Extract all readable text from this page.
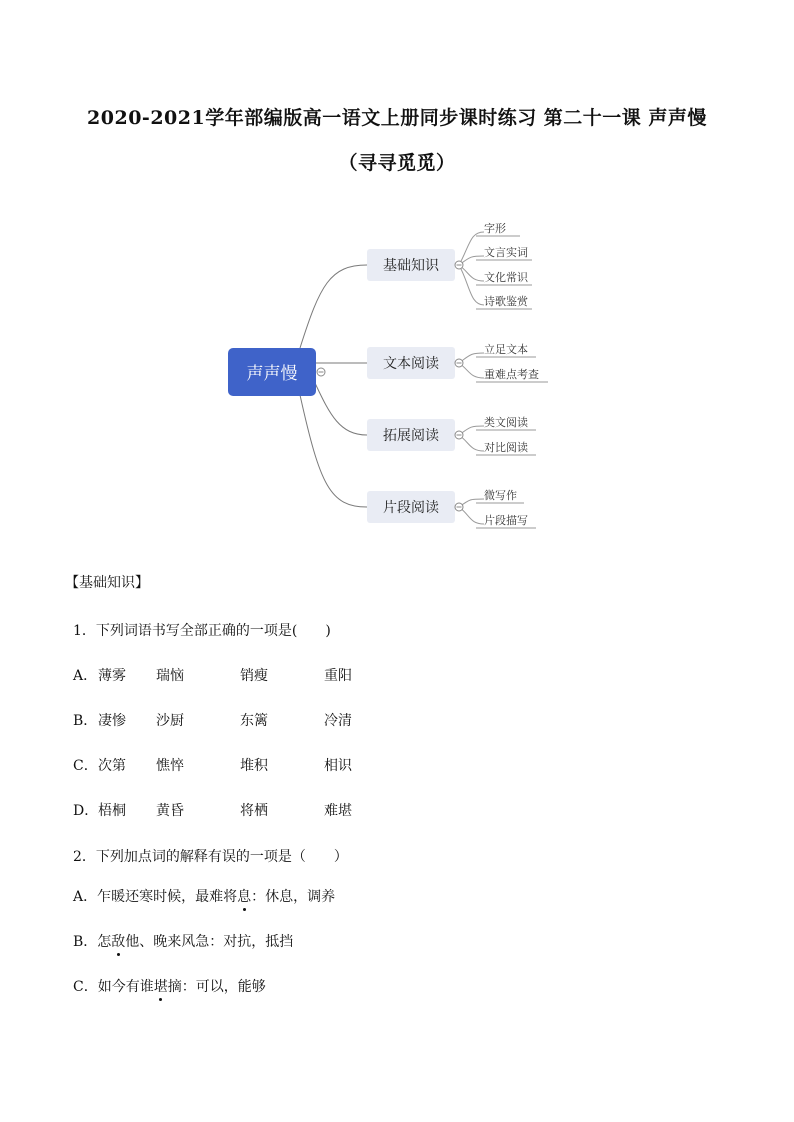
2020-2021学年部编版高一语文上册同步课时练习 第二十一课 声声慢
（寻寻觅觅）
声声慢
基础知识
文本阅读
拓展阅读
片段阅读
字形
文言实词
文化常识
诗歌鉴赏
立足文本
重难点考查
类文阅读
对比阅读
微写作
片段描写
【基础知识】
1．下列词语书写全部正确的一项是(　　)
A． 薄雾 瑞恼	销瘦	重阳
B． 凄惨 沙厨	东篱	冷清
C． 次第 憔悴	堆积	相识
D． 梧桐 黄昏	将栖	难堪
2．下列加点词的解释有误的一项是（　　）
A．乍暖还寒时候，最难将息：休息，调养
B．怎敌他、晚来风急：对抗，抵挡
C．如今有谁堪摘：可以，能够
